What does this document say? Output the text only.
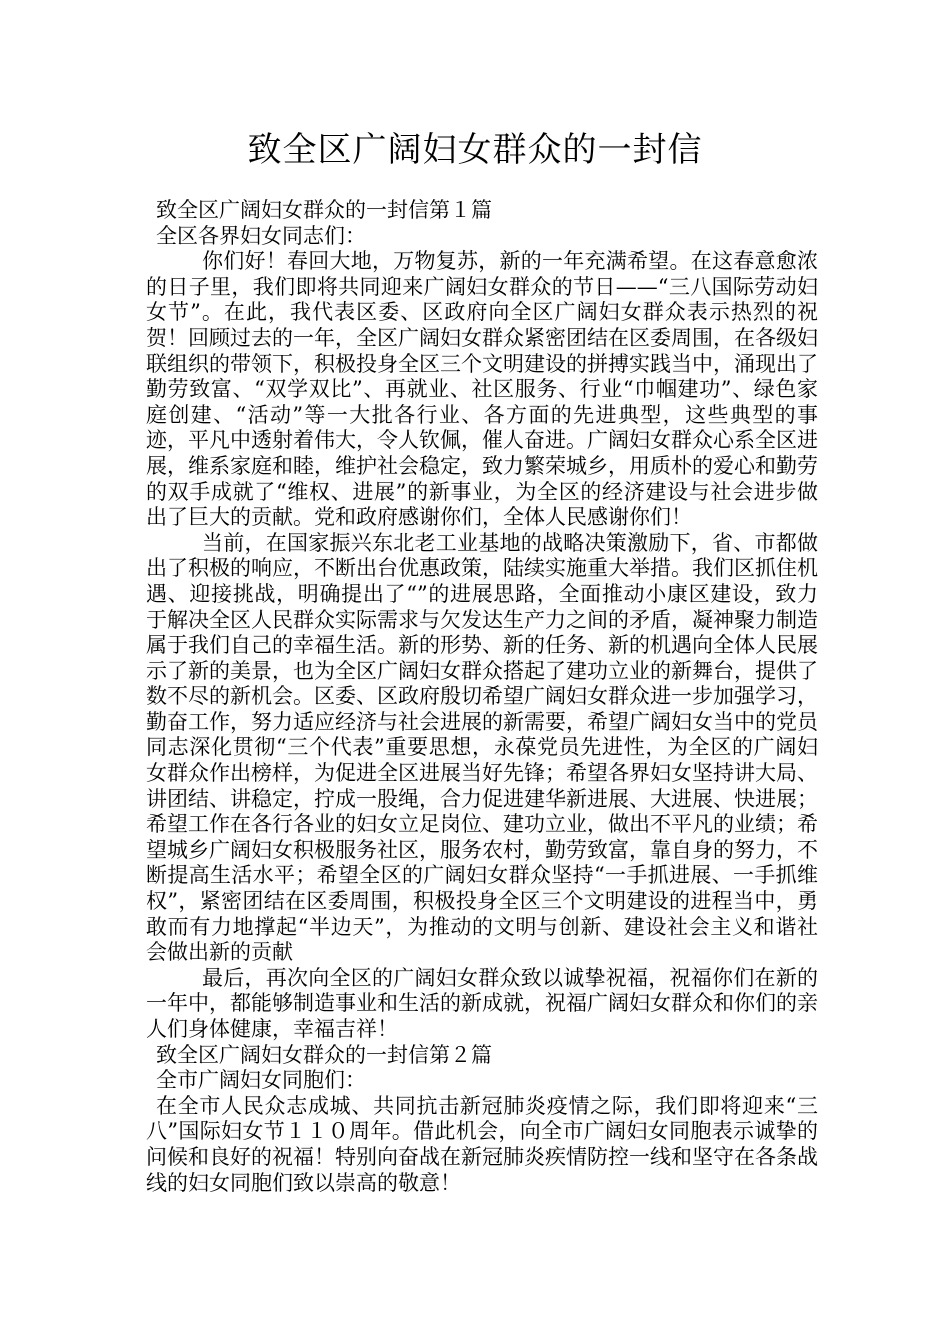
致全区广阔妇女群众的一封信

致全区广阔妇女群众的一封信第１篇

全区各界妇女同志们：

你们好！春回大地，万物复苏，新的一年充满希望。在这春意愈浓的日子里，我们即将共同迎来广阔妇女群众的节日——“三八国际劳动妇女节”。在此，我代表区委、区政府向全区广阔妇女群众表示热烈的祝贺！回顾过去的一年，全区广阔妇女群众紧密团结在区委周围，在各级妇联组织的带领下，积极投身全区三个文明建设的拼搏实践当中，涌现出了勤劳致富、“双学双比”、再就业、社区服务、行业“巾帼建功”、绿色家庭创建、“活动”等一大批各行业、各方面的先进典型，这些典型的事迹，平凡中透射着伟大，令人钦佩，催人奋进。广阔妇女群众心系全区进展，维系家庭和睦，维护社会稳定，致力繁荣城乡，用质朴的爱心和勤劳的双手成就了“维权、进展”的新事业，为全区的经济建设与社会进步做出了巨大的贡献。党和政府感谢你们，全体人民感谢你们！

当前，在国家振兴东北老工业基地的战略决策激励下，省、市都做出了积极的响应，不断出台优惠政策，陆续实施重大举措。我们区抓住机遇、迎接挑战，明确提出了“”的进展思路，全面推动小康区建设，致力于解决全区人民群众实际需求与欠发达生产力之间的矛盾，凝神聚力制造属于我们自己的幸福生活。新的形势、新的任务、新的机遇向全体人民展示了新的美景，也为全区广阔妇女群众搭起了建功立业的新舞台，提供了数不尽的新机会。区委、区政府殷切希望广阔妇女群众进一步加强学习，勤奋工作，努力适应经济与社会进展的新需要，希望广阔妇女当中的党员同志深化贯彻“三个代表”重要思想，永葆党员先进性，为全区的广阔妇女群众作出榜样，为促进全区进展当好先锋；希望各界妇女坚持讲大局、讲团结、讲稳定，拧成一股绳，合力促进建华新进展、大进展、快进展；希望工作在各行各业的妇女立足岗位、建功立业，做出不平凡的业绩；希望城乡广阔妇女积极服务社区，服务农村，勤劳致富，靠自身的努力，不断提高生活水平；希望全区的广阔妇女群众坚持“一手抓进展、一手抓维权”，紧密团结在区委周围，积极投身全区三个文明建设的进程当中，勇敢而有力地撑起“半边天”，为推动的文明与创新、建设社会主义和谐社会做出新的贡献

最后，再次向全区的广阔妇女群众致以诚挚祝福，祝福你们在新的一年中，都能够制造事业和生活的新成就，祝福广阔妇女群众和你们的亲人们身体健康，幸福吉祥！

致全区广阔妇女群众的一封信第２篇

全市广阔妇女同胞们：

在全市人民众志成城、共同抗击新冠肺炎疫情之际，我们即将迎来“三八”国际妇女节１１０周年。借此机会，向全市广阔妇女同胞表示诚挚的问候和良好的祝福！特别向奋战在新冠肺炎疾情防控一线和坚守在各条战线的妇女同胞们致以崇高的敬意！
